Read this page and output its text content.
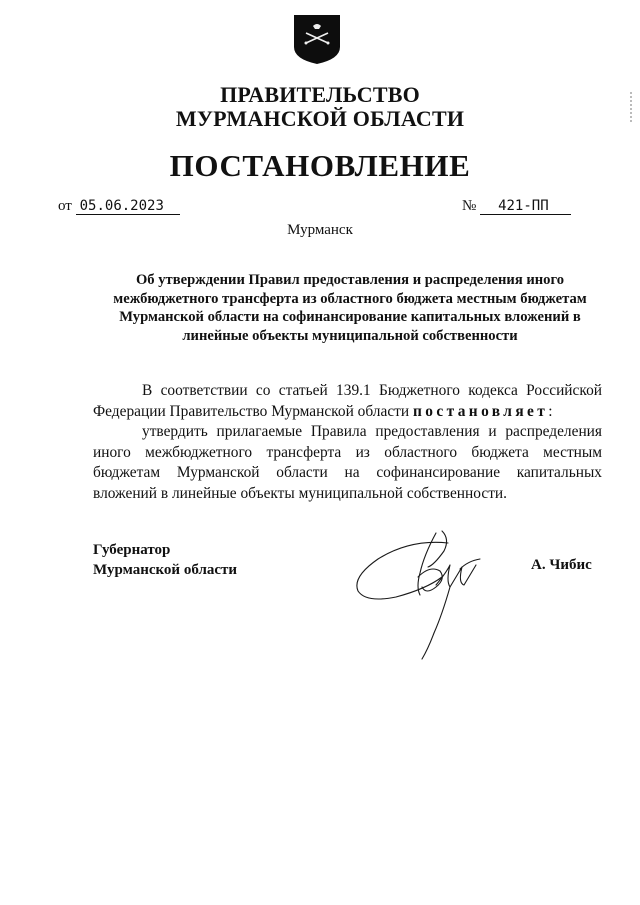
ПРАВИТЕЛЬСТВО
МУРМАНСКОЙ ОБЛАСТИ
ПОСТАНОВЛЕНИЕ
от 05.06.2023	№ 421-ПП
Мурманск
Об утверждении Правил предоставления и распределения иного
межбюджетного трансферта из областного бюджета местным бюджетам
Мурманской области на софинансирование капитальных вложений в
линейные объекты муниципальной собственности

В соответствии со статьей 139.1 Бюджетного кодекса Российской Федерации Правительство Мурманской области постановляет:

утвердить прилагаемые Правила предоставления и распределения иного межбюджетного трансферта из областного бюджета местным бюджетам Мурманской области на софинансирование капитальных вложений в линейные объекты муниципальной собственности.

Губернатор
Мурманской области	А. Чибис
